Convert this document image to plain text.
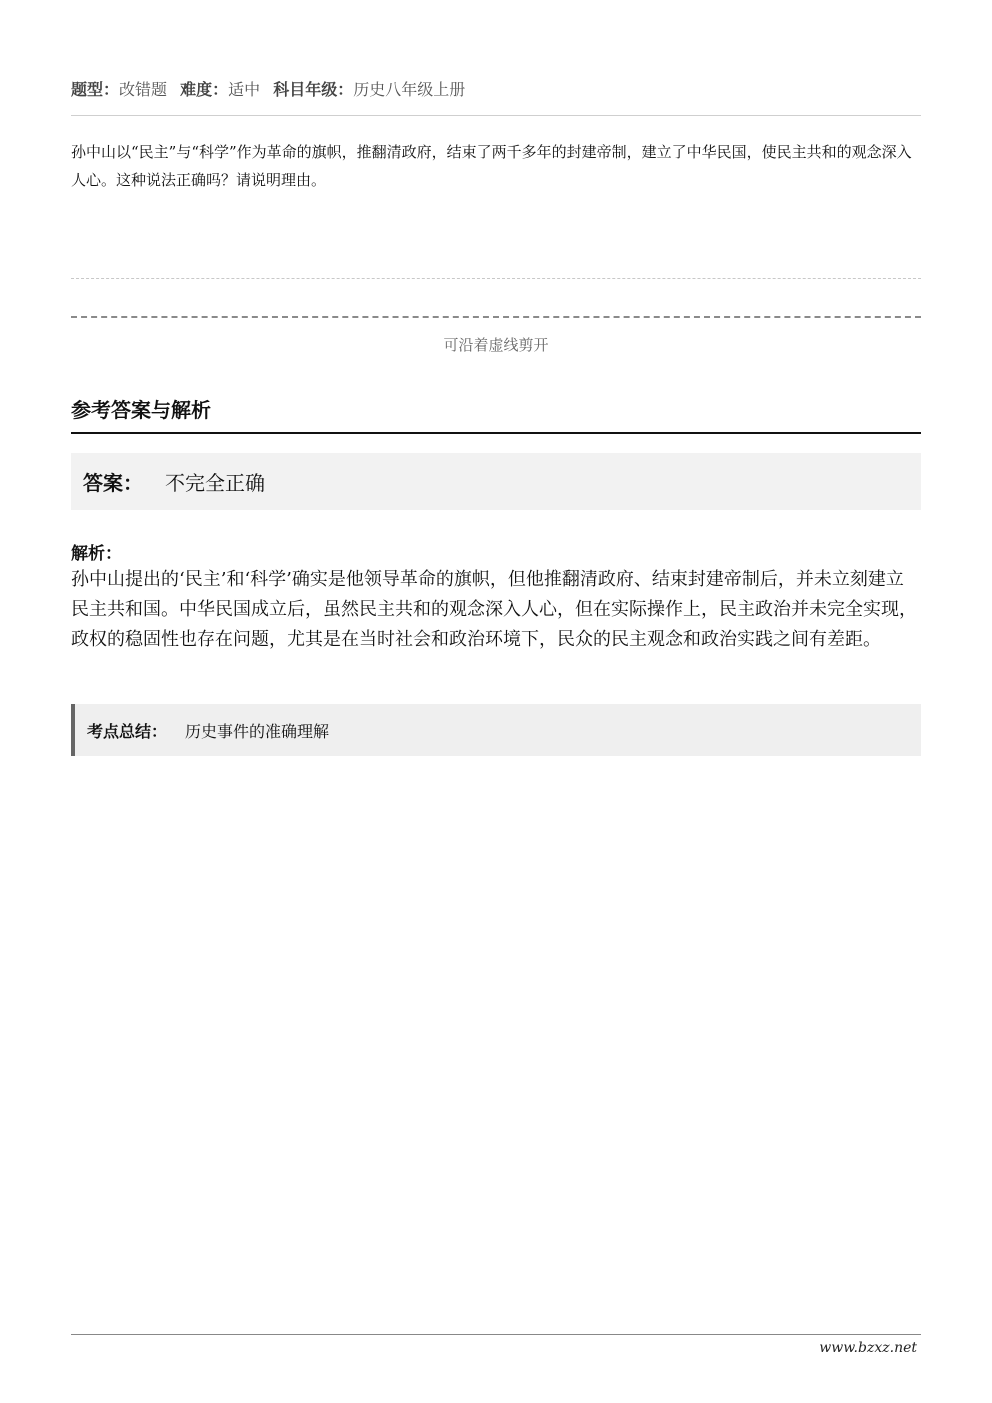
题型：改错题 难度：适中 科目年级：历史八年级上册
孙中山以“民主”与“科学”作为革命的旗帜，推翻清政府，结束了两千多年的封建帝制，建立了中华民国，使民主共和的观念深入人心。这种说法正确吗？请说明理由。
可沿着虚线剪开
参考答案与解析
答案： 不完全正确
解析：
孙中山提出的‘民主’和‘科学’确实是他领导革命的旗帜，但他推翻清政府、结束封建帝制后，并未立刻建立民主共和国。中华民国成立后，虽然民主共和的观念深入人心，但在实际操作上，民主政治并未完全实现，政权的稳固性也存在问题，尤其是在当时社会和政治环境下，民众的民主观念和政治实践之间有差距。
考点总结： 历史事件的准确理解
www.bzxz.net
